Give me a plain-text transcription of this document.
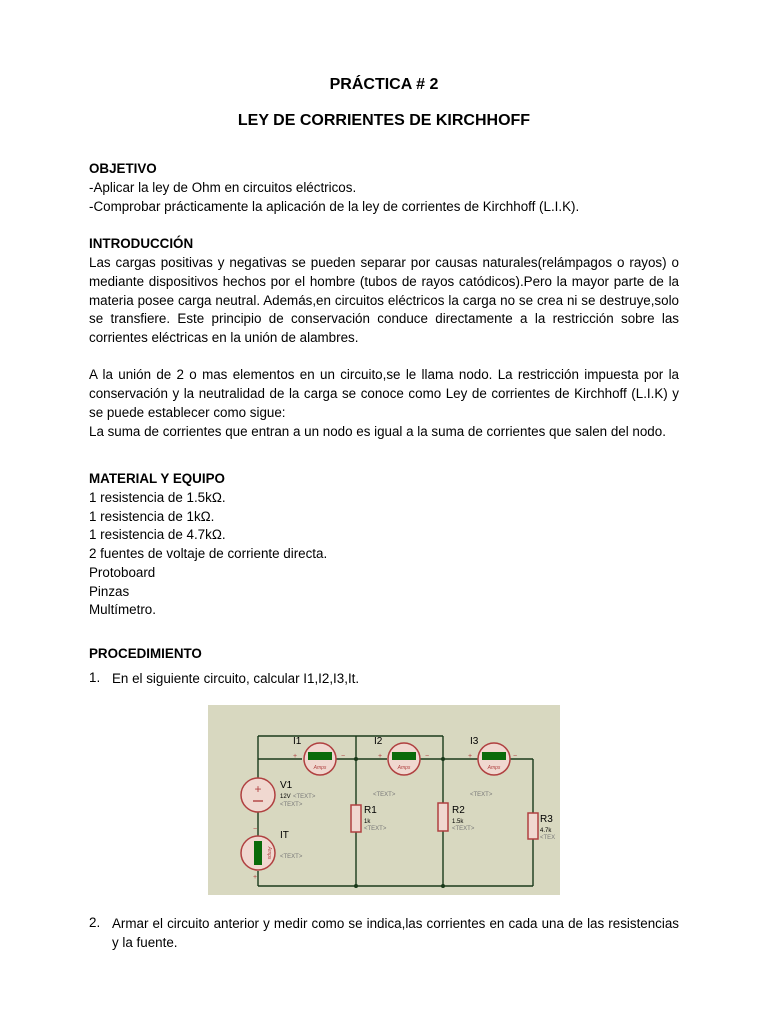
PRÁCTICA # 2
LEY DE CORRIENTES DE KIRCHHOFF
OBJETIVO
-Aplicar la ley de Ohm en circuitos eléctricos.
-Comprobar prácticamente la aplicación de la ley de corrientes de Kirchhoff (L.I.K).
INTRODUCCIÓN
Las cargas positivas y negativas se pueden separar por causas naturales(relámpagos o rayos) o mediante dispositivos hechos por el hombre (tubos de rayos catódicos).Pero la mayor parte de la materia posee carga neutral. Además,en circuitos eléctricos la carga no se crea ni se destruye,solo se transfiere. Este principio de conservación conduce directamente a la restricción sobre las corrientes eléctricas en la unión de alambres.
A la unión de 2 o mas elementos en un circuito,se le llama nodo. La restricción impuesta por la conservación y la neutralidad de la carga se conoce como Ley de corrientes de Kirchhoff (L.I.K) y se puede establecer como sigue:
La suma de corrientes que entran a un nodo es igual a la suma de corrientes que salen del nodo.
MATERIAL Y EQUIPO
1 resistencia de 1.5kΩ.
1 resistencia de 1kΩ.
1 resistencia de 4.7kΩ.
2 fuentes de voltaje de corriente directa.
Protoboard
Pinzas
Multímetro.
PROCEDIMIENTO
1. En el siguiente circuito, calcular I1,I2,I3,It.
Amps	Amps	Amps
+	−	+	−	+	−
I1	I2	I3
+ V1
12V <TEXT>
<TEXT>
Amps
−
+
IT
<TEXT>
<TEXT>	<TEXT>
R1
1k
<TEXT>
R2
1.5k
<TEXT>
R3
4.7k
<TEX
2. Armar el circuito anterior y medir como se indica,las corrientes en cada una de las resistencias y la fuente.
